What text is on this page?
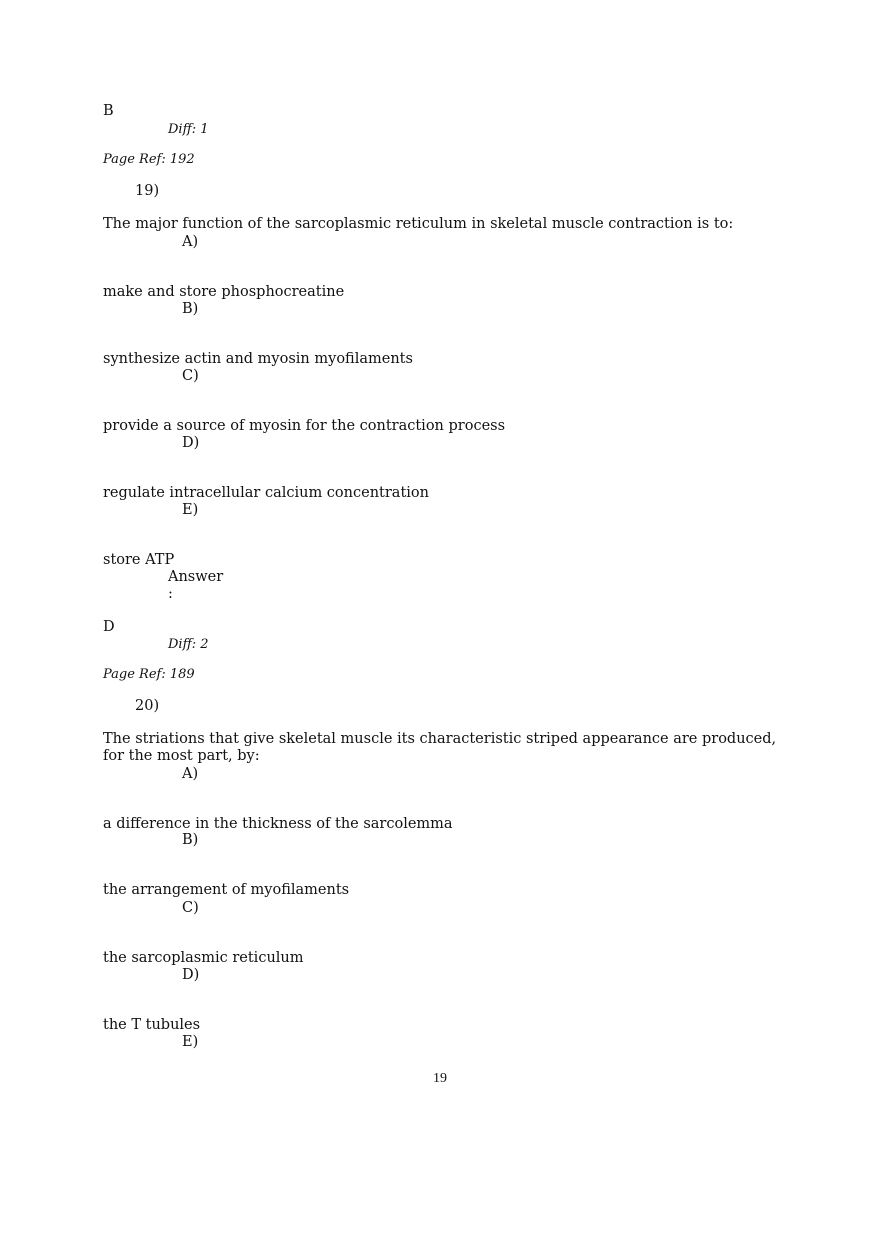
B

Diff: 1

Page Ref: 192

19)

The major function of the sarcoplasmic reticulum in skeletal muscle contraction is to:

A)

make and store phosphocreatine

B)

synthesize actin and myosin myofilaments

C)

provide a source of myosin for the contraction process

D)

regulate intracellular calcium concentration

E)

store ATP

Answer

:

D

Diff: 2

Page Ref: 189

20)

The striations that give skeletal muscle its characteristic striped appearance are produced, for the most part, by:

A)

a difference in the thickness of the sarcolemma

B)

the arrangement of myofilaments

C)

the sarcoplasmic reticulum

D)

the T tubules

E)

19
